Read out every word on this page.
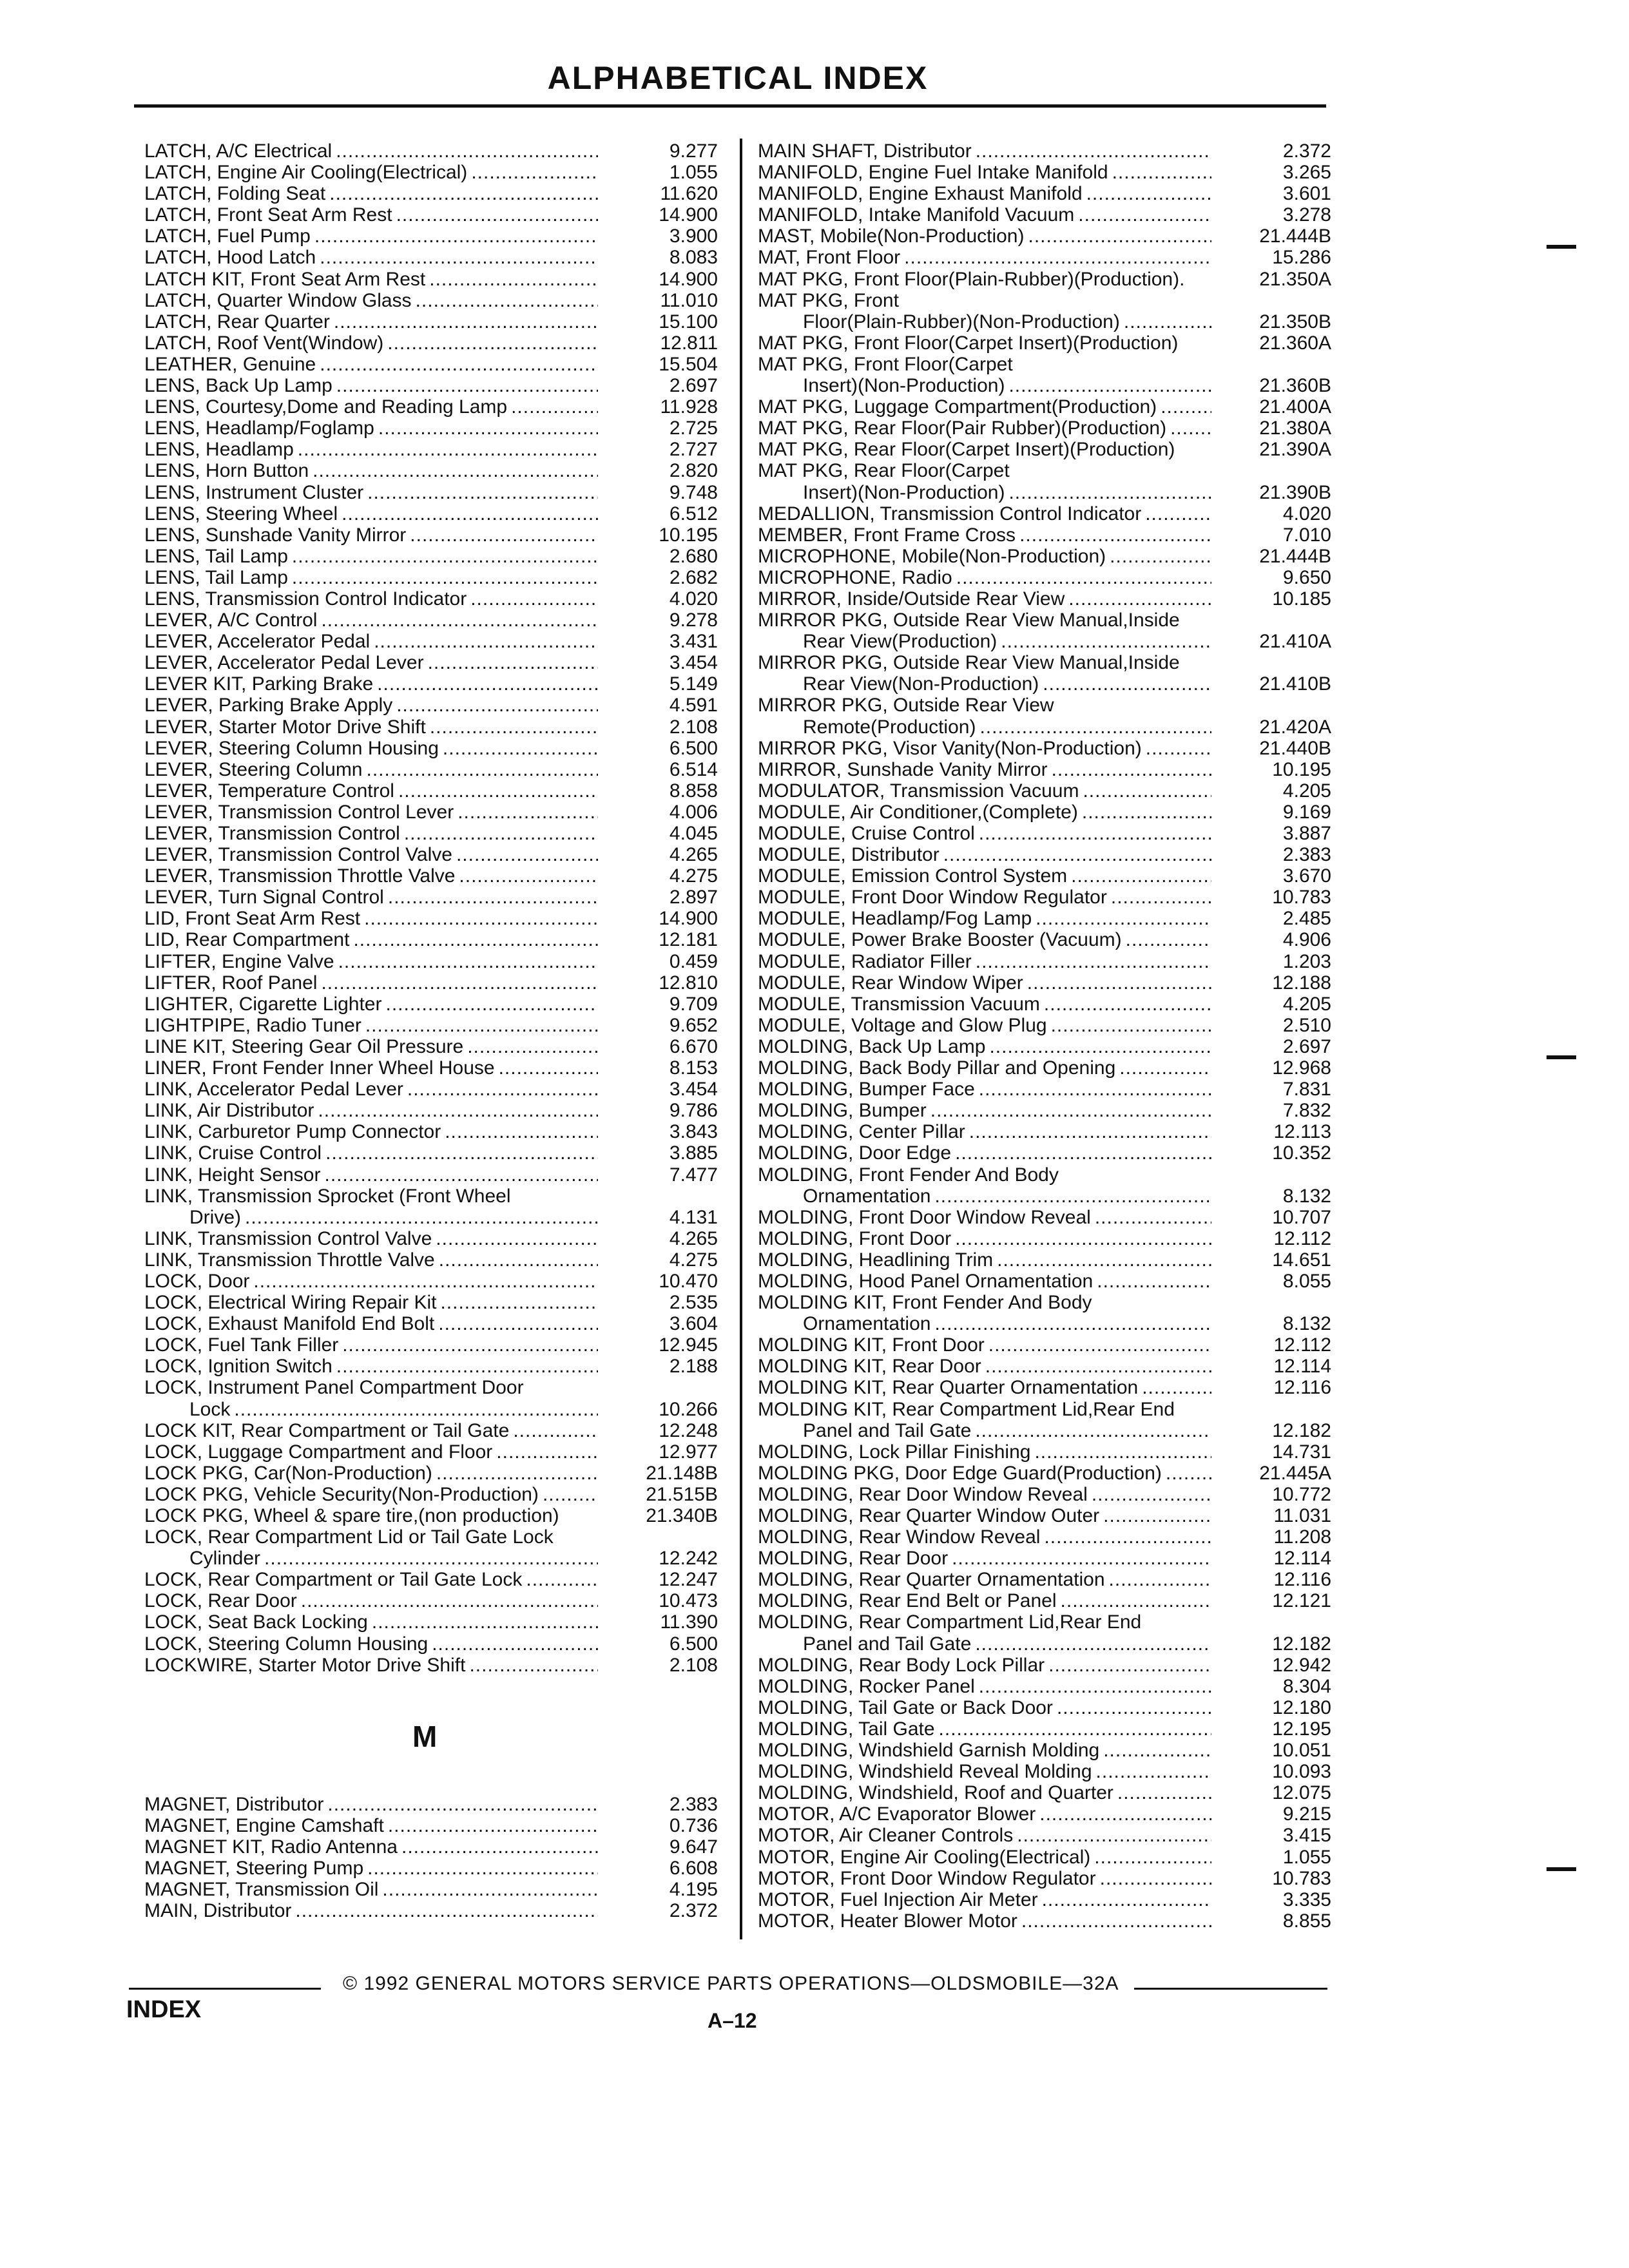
ALPHABETICAL INDEX
LATCH, A/C Electrical .....	9.277
LATCH, Engine Air Cooling(Electrical) .....	1.055
LATCH, Folding Seat .....	11.620
LATCH, Front Seat Arm Rest .....	14.900
LATCH, Fuel Pump .....	3.900
LATCH, Hood Latch .....	8.083
LATCH KIT, Front Seat Arm Rest .....	14.900
LATCH, Quarter Window Glass .....	11.010
LATCH, Rear Quarter .....	15.100
LATCH, Roof Vent(Window) .....	12.811
LEATHER, Genuine .....	15.504
LENS, Back Up Lamp .....	2.697
LENS, Courtesy,Dome and Reading Lamp .....	11.928
LENS, Headlamp/Foglamp .....	2.725
LENS, Headlamp .....	2.727
LENS, Horn Button .....	2.820
LENS, Instrument Cluster .....	9.748
LENS, Steering Wheel .....	6.512
LENS, Sunshade Vanity Mirror .....	10.195
LENS, Tail Lamp .....	2.680
LENS, Tail Lamp .....	2.682
LENS, Transmission Control Indicator .....	4.020
LEVER, A/C Control .....	9.278
LEVER, Accelerator Pedal .....	3.431
LEVER, Accelerator Pedal Lever .....	3.454
LEVER KIT, Parking Brake .....	5.149
LEVER, Parking Brake Apply .....	4.591
LEVER, Starter Motor Drive Shift .....	2.108
LEVER, Steering Column Housing .....	6.500
LEVER, Steering Column .....	6.514
LEVER, Temperature Control .....	8.858
LEVER, Transmission Control Lever .....	4.006
LEVER, Transmission Control .....	4.045
LEVER, Transmission Control Valve .....	4.265
LEVER, Transmission Throttle Valve .....	4.275
LEVER, Turn Signal Control .....	2.897
LID, Front Seat Arm Rest .....	14.900
LID, Rear Compartment .....	12.181
LIFTER, Engine Valve .....	0.459
LIFTER, Roof Panel .....	12.810
LIGHTER, Cigarette Lighter .....	9.709
LIGHTPIPE, Radio Tuner .....	9.652
LINE KIT, Steering Gear Oil Pressure .....	6.670
LINER, Front Fender Inner Wheel House .....	8.153
LINK, Accelerator Pedal Lever .....	3.454
LINK, Air Distributor .....	9.786
LINK, Carburetor Pump Connector .....	3.843
LINK, Cruise Control .....	3.885
LINK, Height Sensor .....	7.477
LINK, Transmission Sprocket (Front Wheel
Drive) .....	4.131
LINK, Transmission Control Valve .....	4.265
LINK, Transmission Throttle Valve .....	4.275
LOCK, Door .....	10.470
LOCK, Electrical Wiring Repair Kit .....	2.535
LOCK, Exhaust Manifold End Bolt .....	3.604
LOCK, Fuel Tank Filler .....	12.945
LOCK, Ignition Switch .....	2.188
LOCK, Instrument Panel Compartment Door
Lock .....	10.266
LOCK KIT, Rear Compartment or Tail Gate .....	12.248
LOCK, Luggage Compartment and Floor .....	12.977
LOCK PKG, Car(Non-Production) .....	21.148B
LOCK PKG, Vehicle Security(Non-Production) .....	21.515B
LOCK PKG, Wheel & spare tire,(non production)	21.340B
LOCK, Rear Compartment Lid or Tail Gate Lock
Cylinder .....	12.242
LOCK, Rear Compartment or Tail Gate Lock .....	12.247
LOCK, Rear Door .....	10.473
LOCK, Seat Back Locking .....	11.390
LOCK, Steering Column Housing .....	6.500
LOCKWIRE, Starter Motor Drive Shift .....	2.108
MAGNET, Distributor .....	2.383
MAGNET, Engine Camshaft .....	0.736
MAGNET KIT, Radio Antenna .....	9.647
MAGNET, Steering Pump .....	6.608
MAGNET, Transmission Oil .....	4.195
MAIN, Distributor .....	2.372
MAIN SHAFT, Distributor .....	2.372
MANIFOLD, Engine Fuel Intake Manifold .....	3.265
MANIFOLD, Engine Exhaust Manifold .....	3.601
MANIFOLD, Intake Manifold Vacuum .....	3.278
MAST, Mobile(Non-Production) .....	21.444B
MAT, Front Floor .....	15.286
MAT PKG, Front Floor(Plain-Rubber)(Production).	21.350A
MAT PKG, Front
Floor(Plain-Rubber)(Non-Production) .....	21.350B
MAT PKG, Front Floor(Carpet Insert)(Production)	21.360A
MAT PKG, Front Floor(Carpet
Insert)(Non-Production) .....	21.360B
MAT PKG, Luggage Compartment(Production) .....	21.400A
MAT PKG, Rear Floor(Pair Rubber)(Production) .....	21.380A
MAT PKG, Rear Floor(Carpet Insert)(Production)	21.390A
MAT PKG, Rear Floor(Carpet
Insert)(Non-Production) .....	21.390B
MEDALLION, Transmission Control Indicator .....	4.020
MEMBER, Front Frame Cross .....	7.010
MICROPHONE, Mobile(Non-Production) .....	21.444B
MICROPHONE, Radio .....	9.650
MIRROR, Inside/Outside Rear View .....	10.185
MIRROR PKG, Outside Rear View Manual,Inside
Rear View(Production) .....	21.410A
MIRROR PKG, Outside Rear View Manual,Inside
Rear View(Non-Production) .....	21.410B
MIRROR PKG, Outside Rear View
Remote(Production) .....	21.420A
MIRROR PKG, Visor Vanity(Non-Production) .....	21.440B
MIRROR, Sunshade Vanity Mirror .....	10.195
MODULATOR, Transmission Vacuum .....	4.205
MODULE, Air Conditioner,(Complete) .....	9.169
MODULE, Cruise Control .....	3.887
MODULE, Distributor .....	2.383
MODULE, Emission Control System .....	3.670
MODULE, Front Door Window Regulator .....	10.783
MODULE, Headlamp/Fog Lamp .....	2.485
MODULE, Power Brake Booster (Vacuum) .....	4.906
MODULE, Radiator Filler .....	1.203
MODULE, Rear Window Wiper .....	12.188
MODULE, Transmission Vacuum .....	4.205
MODULE, Voltage and Glow Plug .....	2.510
MOLDING, Back Up Lamp .....	2.697
MOLDING, Back Body Pillar and Opening .....	12.968
MOLDING, Bumper Face .....	7.831
MOLDING, Bumper .....	7.832
MOLDING, Center Pillar .....	12.113
MOLDING, Door Edge .....	10.352
MOLDING, Front Fender And Body
Ornamentation .....	8.132
MOLDING, Front Door Window Reveal .....	10.707
MOLDING, Front Door .....	12.112
MOLDING, Headlining Trim .....	14.651
MOLDING, Hood Panel Ornamentation .....	8.055
MOLDING KIT, Front Fender And Body
Ornamentation .....	8.132
MOLDING KIT, Front Door .....	12.112
MOLDING KIT, Rear Door .....	12.114
MOLDING KIT, Rear Quarter Ornamentation .....	12.116
MOLDING KIT, Rear Compartment Lid,Rear End
Panel and Tail Gate .....	12.182
MOLDING, Lock Pillar Finishing .....	14.731
MOLDING PKG, Door Edge Guard(Production) .....	21.445A
MOLDING, Rear Door Window Reveal .....	10.772
MOLDING, Rear Quarter Window Outer .....	11.031
MOLDING, Rear Window Reveal .....	11.208
MOLDING, Rear Door .....	12.114
MOLDING, Rear Quarter Ornamentation .....	12.116
MOLDING, Rear End Belt or Panel .....	12.121
MOLDING, Rear Compartment Lid,Rear End
Panel and Tail Gate .....	12.182
MOLDING, Rear Body Lock Pillar .....	12.942
MOLDING, Rocker Panel .....	8.304
MOLDING, Tail Gate or Back Door .....	12.180
MOLDING, Tail Gate .....	12.195
MOLDING, Windshield Garnish Molding .....	10.051
MOLDING, Windshield Reveal Molding .....	10.093
MOLDING, Windshield, Roof and Quarter .....	12.075
MOTOR, A/C Evaporator Blower .....	9.215
MOTOR, Air Cleaner Controls .....	3.415
MOTOR, Engine Air Cooling(Electrical) .....	1.055
MOTOR, Front Door Window Regulator .....	10.783
MOTOR, Fuel Injection Air Meter .....	3.335
MOTOR, Heater Blower Motor .....	8.855
M
© 1992 GENERAL MOTORS SERVICE PARTS OPERATIONS—OLDSMOBILE—32A
INDEX	A–12
